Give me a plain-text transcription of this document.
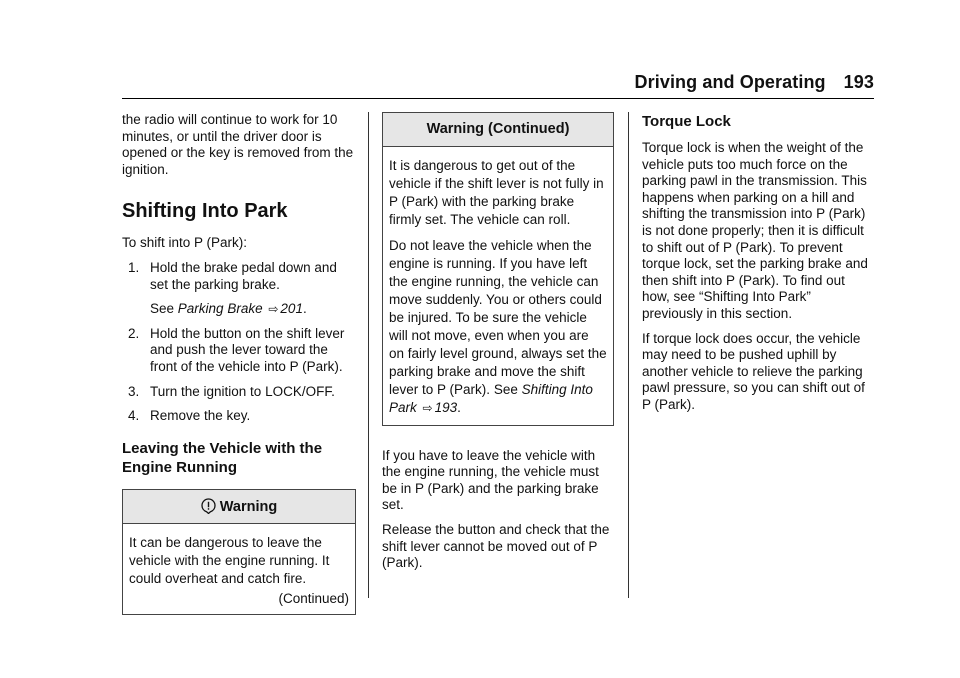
Driving and Operating 193

the radio will continue to work for 10 minutes, or until the driver door is opened or the key is removed from the ignition.

Shifting Into Park

To shift into P (Park):

1. Hold the brake pedal down and set the parking brake.

See Parking Brake ⇨ 201.

2. Hold the button on the shift lever and push the lever toward the front of the vehicle into P (Park).
3. Turn the ignition to LOCK/OFF.
4. Remove the key.
Leaving the Vehicle with the Engine Running
Warning

It can be dangerous to leave the vehicle with the engine running. It could overheat and catch fire.

(Continued)
Warning (Continued)

It is dangerous to get out of the vehicle if the shift lever is not fully in P (Park) with the parking brake firmly set. The vehicle can roll.

Do not leave the vehicle when the engine is running. If you have left the engine running, the vehicle can move suddenly. You or others could be injured. To be sure the vehicle will not move, even when you are on fairly level ground, always set the parking brake and move the shift lever to P (Park). See Shifting Into Park ⇨ 193.

If you have to leave the vehicle with the engine running, the vehicle must be in P (Park) and the parking brake set.

Release the button and check that the shift lever cannot be moved out of P (Park).

Torque Lock

Torque lock is when the weight of the vehicle puts too much force on the parking pawl in the transmission. This happens when parking on a hill and shifting the transmission into P (Park) is not done properly; then it is difficult to shift out of P (Park). To prevent torque lock, set the parking brake and then shift into P (Park). To find out how, see “Shifting Into Park” previously in this section.

If torque lock does occur, the vehicle may need to be pushed uphill by another vehicle to relieve the parking pawl pressure, so you can shift out of P (Park).
